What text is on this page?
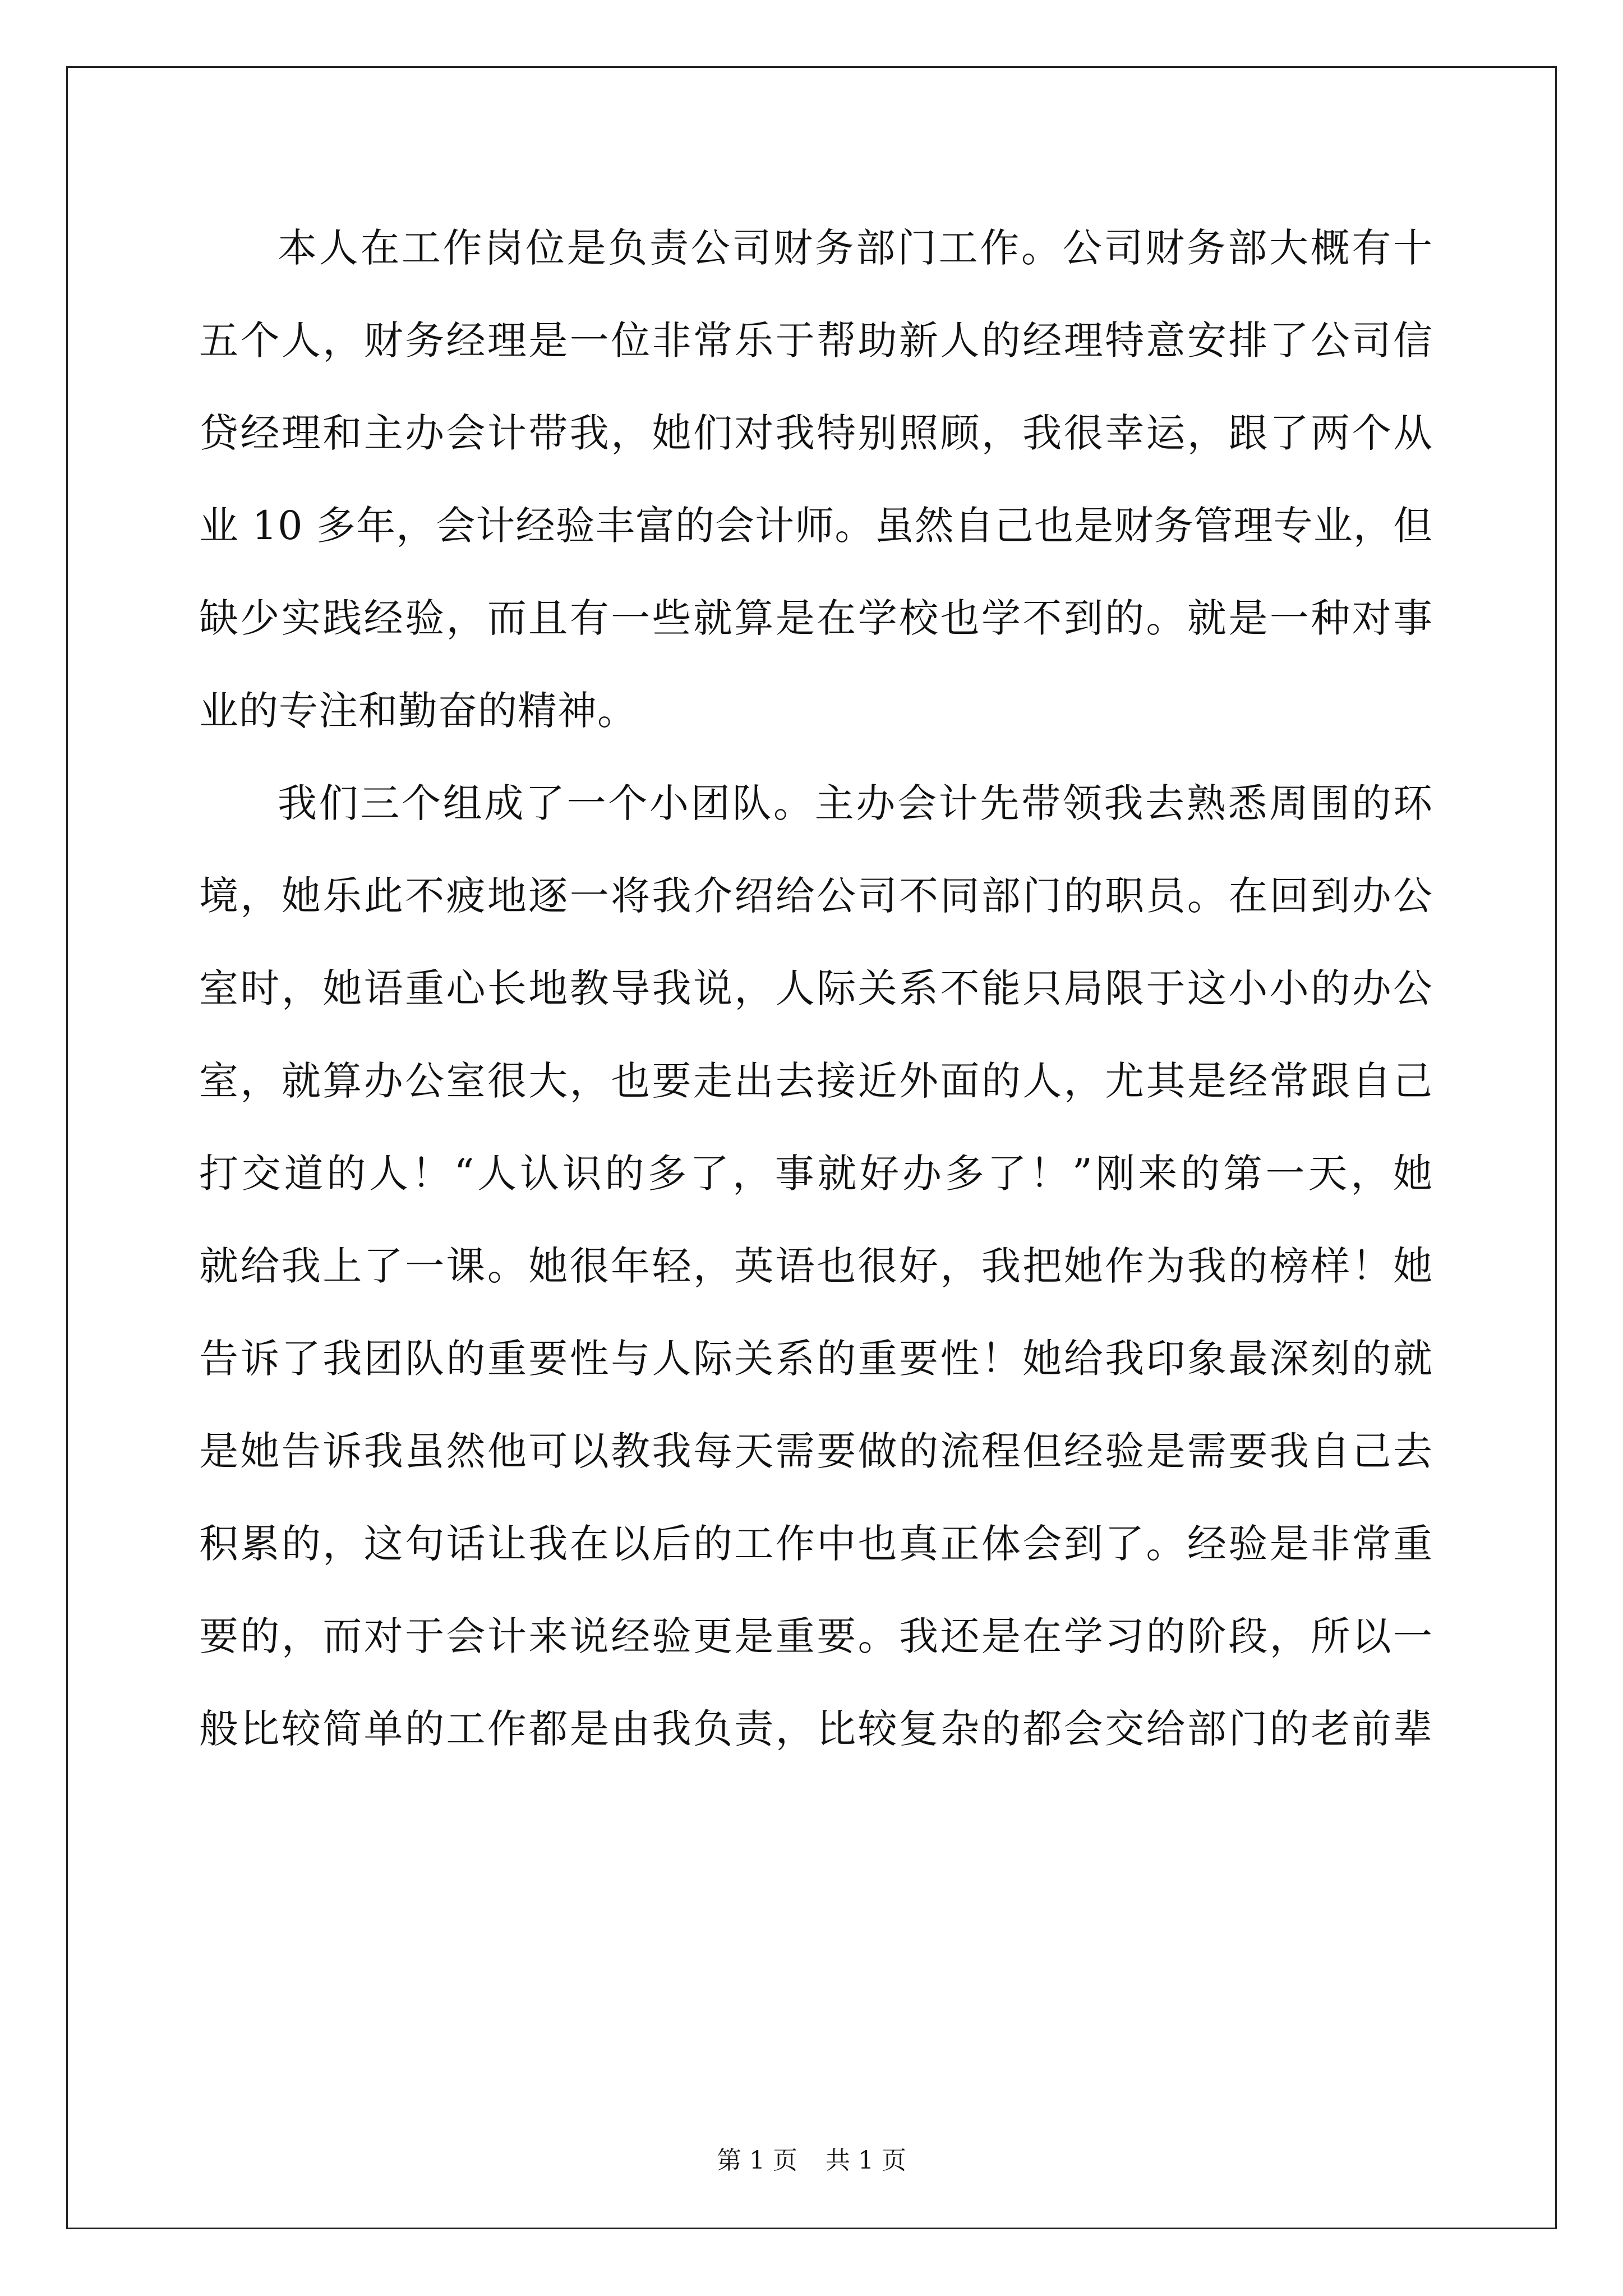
本人在工作岗位是负责公司财务部门工作。公司财务部大概有十
五个人，财务经理是一位非常乐于帮助新人的经理特意安排了公司信
贷经理和主办会计带我，她们对我特别照顾，我很幸运，跟了两个从
业 10 多年，会计经验丰富的会计师。虽然自己也是财务管理专业，但
缺少实践经验，而且有一些就算是在学校也学不到的。就是一种对事
业的专注和勤奋的精神。
我们三个组成了一个小团队。主办会计先带领我去熟悉周围的环
境，她乐此不疲地逐一将我介绍给公司不同部门的职员。在回到办公
室时，她语重心长地教导我说，人际关系不能只局限于这小小的办公
室，就算办公室很大，也要走出去接近外面的人，尤其是经常跟自己
打交道的人！“人认识的多了，事就好办多了！”刚来的第一天，她
就给我上了一课。她很年轻，英语也很好，我把她作为我的榜样！她
告诉了我团队的重要性与人际关系的重要性！她给我印象最深刻的就
是她告诉我虽然他可以教我每天需要做的流程但经验是需要我自己去
积累的，这句话让我在以后的工作中也真正体会到了。经验是非常重
要的，而对于会计来说经验更是重要。我还是在学习的阶段，所以一
般比较简单的工作都是由我负责，比较复杂的都会交给部门的老前辈
第 1 页 共 1 页
